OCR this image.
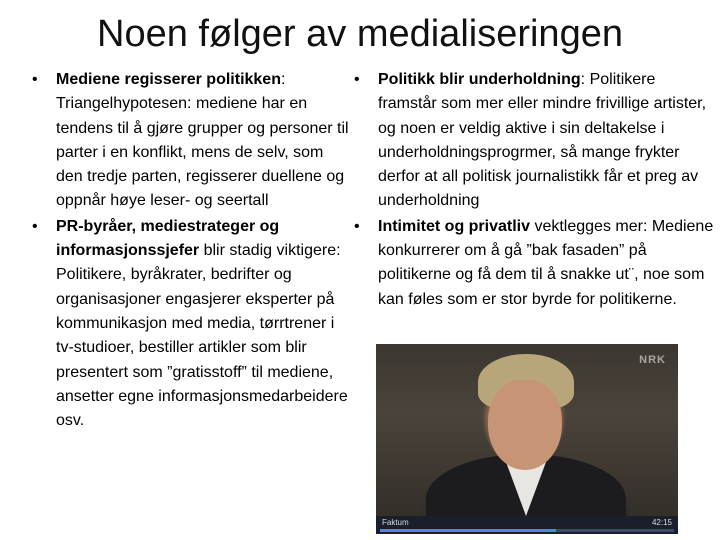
Noen følger av medialiseringen
• Mediene regisserer politikken: Triangelhypotesen: mediene har en tendens til å gjøre grupper og personer til parter i en konflikt, mens de selv, som den tredje parten, regisserer duellene og oppnår høye leser- og seertall
• PR-byråer, mediestrateger og informasjonssjefer blir stadig viktigere: Politikere, byråkrater, bedrifter og organisasjoner engasjerer eksperter på kommunikasjon med media, tørrtrener i tv-studioer, bestiller artikler som blir presentert som ”gratisstoff” til mediene, ansetter egne informasjonsmedarbeidere osv.
• Politikk blir underholdning: Politikere framstår som mer eller mindre frivillige artister, og noen er veldig aktive i sin deltakelse i underholdningsprogrmer, så mange frykter derfor at all politisk journalistikk får et preg av underholdning
• Intimitet og privatliv vektlegges mer: Mediene konkurrerer om å gå ”bak fasaden” på politikerne og få dem til å snakke ut¨, noe som kan føles som er stor byrde for politikerne.
NRK
Faktum	42:15
